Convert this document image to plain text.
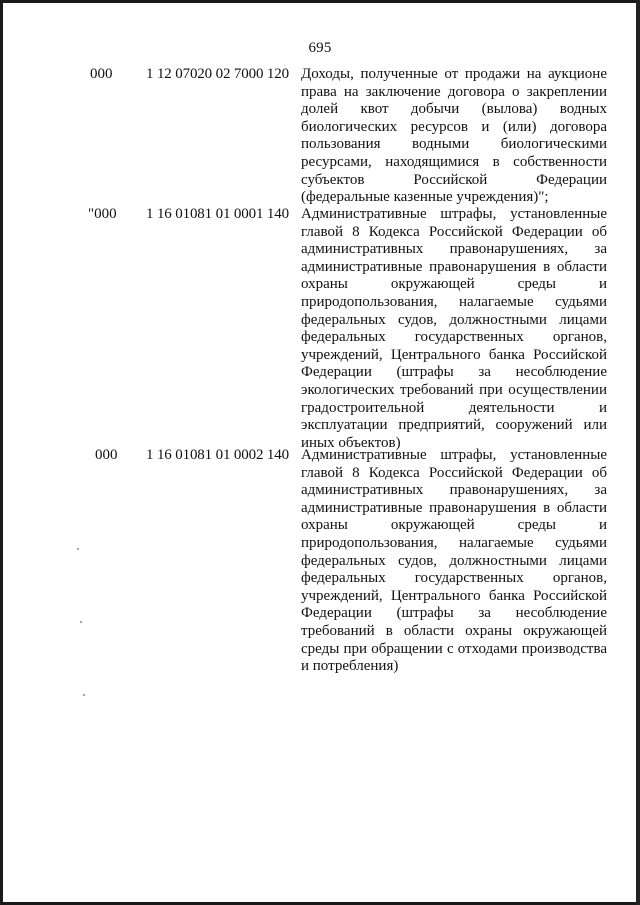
695
000 1 12 07020 02 7000 120 Доходы, полученные от продажи на аукционе
права на заключение договора о закреплении
долей квот добычи (вылова) водных
биологических ресурсов и (или) договора
пользования водными биологическими
ресурсами, находящимися в собственности
субъектов Российской Федерации
(федеральные казенные учреждения)";
"000 1 16 01081 01 0001 140 Административные штрафы, установленные
главой 8 Кодекса Российской Федерации об
административных правонарушениях, за
административные правонарушения в области
охраны окружающей среды и
природопользования, налагаемые судьями
федеральных судов, должностными лицами
федеральных государственных органов,
учреждений, Центрального банка Российской
Федерации (штрафы за несоблюдение
экологических требований при осуществлении
градостроительной деятельности и
эксплуатации предприятий, сооружений или
иных объектов)
000 1 16 01081 01 0002 140 Административные штрафы, установленные
главой 8 Кодекса Российской Федерации об
административных правонарушениях, за
административные правонарушения в области
охраны окружающей среды и
природопользования, налагаемые судьями
федеральных судов, должностными лицами
федеральных государственных органов,
учреждений, Центрального банка Российской
Федерации (штрафы за несоблюдение
требований в области охраны окружающей
среды при обращении с отходами производства
и потребления)
